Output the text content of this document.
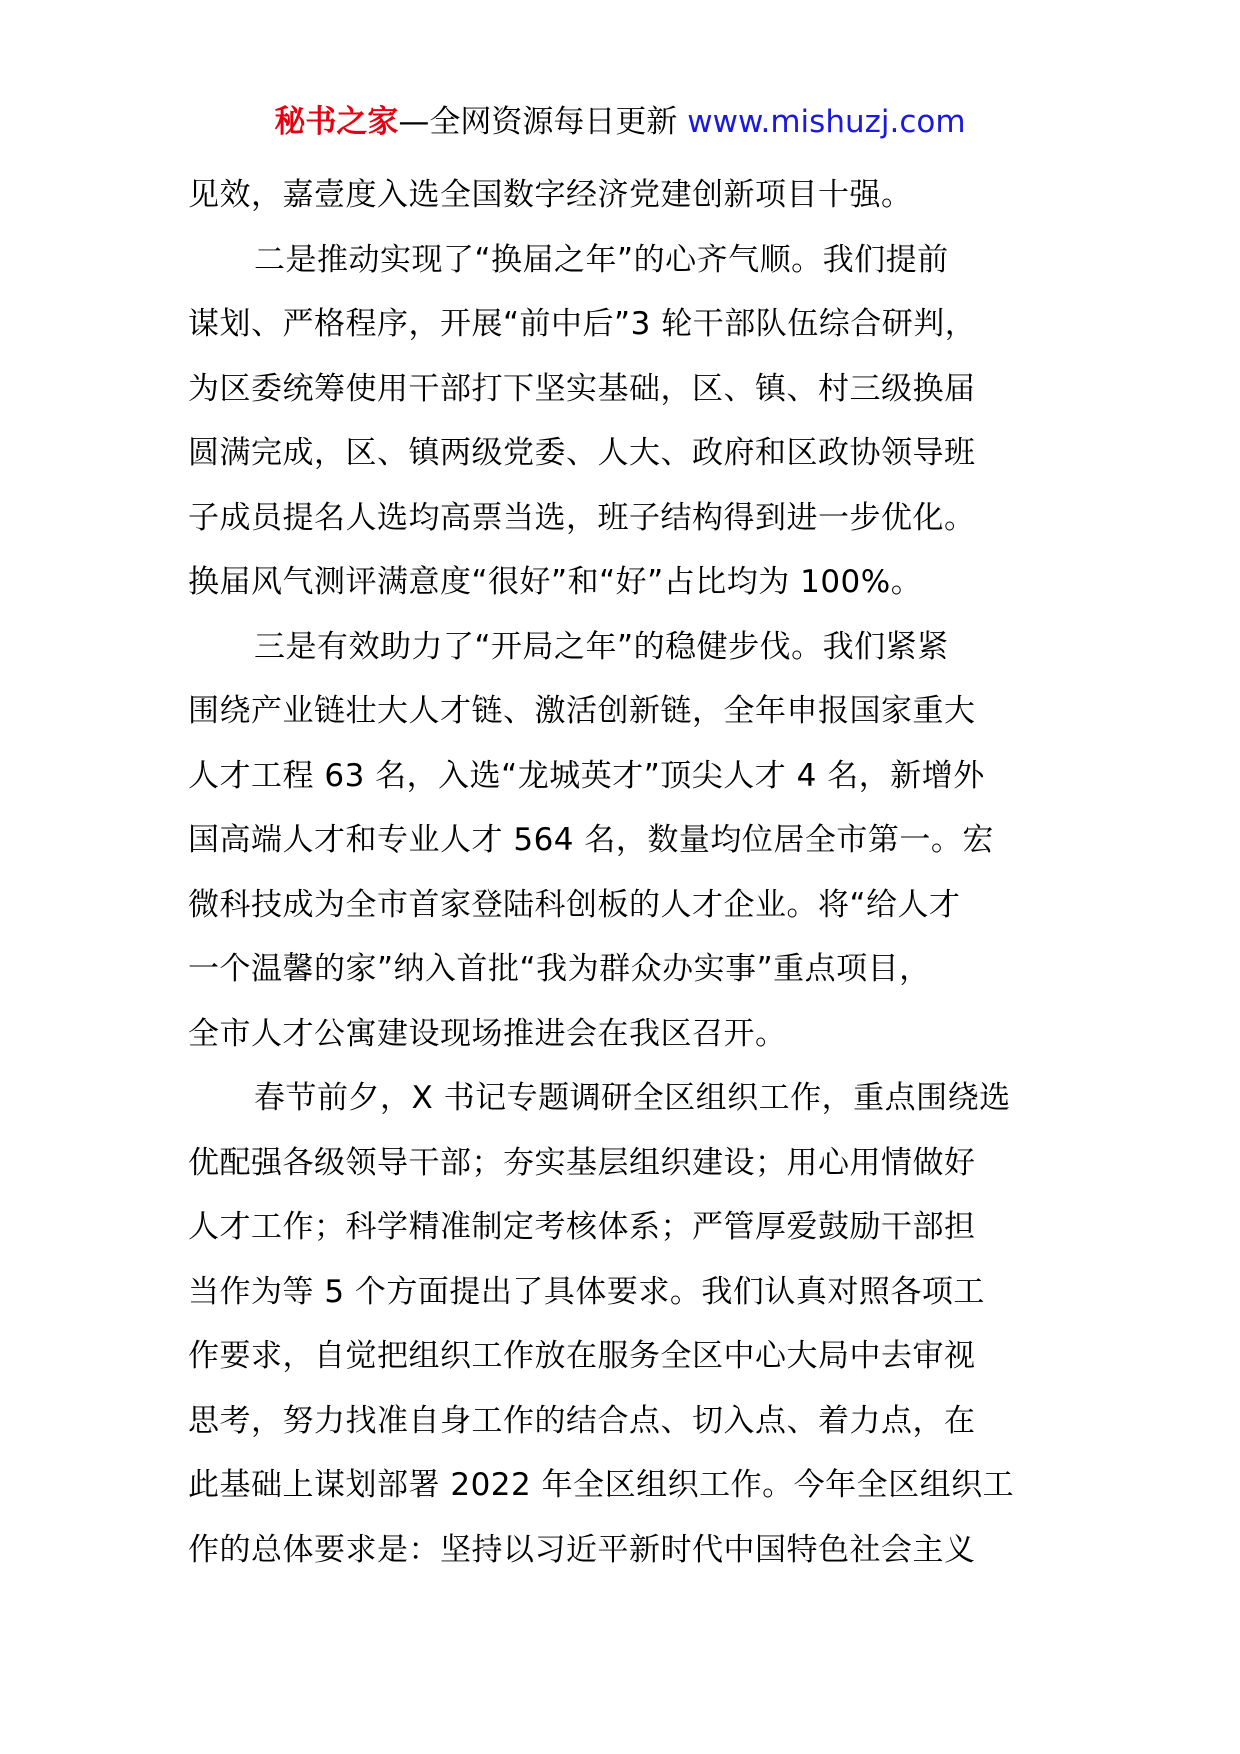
秘书之家—全网资源每日更新 www.mishuzj.com
见效，嘉壹度入选全国数字经济党建创新项目十强。
二是推动实现了“换届之年”的心齐气顺。我们提前
谋划、严格程序，开展“前中后”3 轮干部队伍综合研判，
为区委统筹使用干部打下坚实基础，区、镇、村三级换届
圆满完成，区、镇两级党委、人大、政府和区政协领导班
子成员提名人选均高票当选，班子结构得到进一步优化。
换届风气测评满意度“很好”和“好”占比均为 100%。
三是有效助力了“开局之年”的稳健步伐。我们紧紧
围绕产业链壮大人才链、激活创新链，全年申报国家重大
人才工程 63 名，入选“龙城英才”顶尖人才 4 名，新增外
国高端人才和专业人才 564 名，数量均位居全市第一。宏
微科技成为全市首家登陆科创板的人才企业。将“给人才
一个温馨的家”纳入首批“我为群众办实事”重点项目，
全市人才公寓建设现场推进会在我区召开。
春节前夕，X 书记专题调研全区组织工作，重点围绕选
优配强各级领导干部；夯实基层组织建设；用心用情做好
人才工作；科学精准制定考核体系；严管厚爱鼓励干部担
当作为等 5 个方面提出了具体要求。我们认真对照各项工
作要求，自觉把组织工作放在服务全区中心大局中去审视
思考，努力找准自身工作的结合点、切入点、着力点，在
此基础上谋划部署 2022 年全区组织工作。今年全区组织工
作的总体要求是：坚持以习近平新时代中国特色社会主义
